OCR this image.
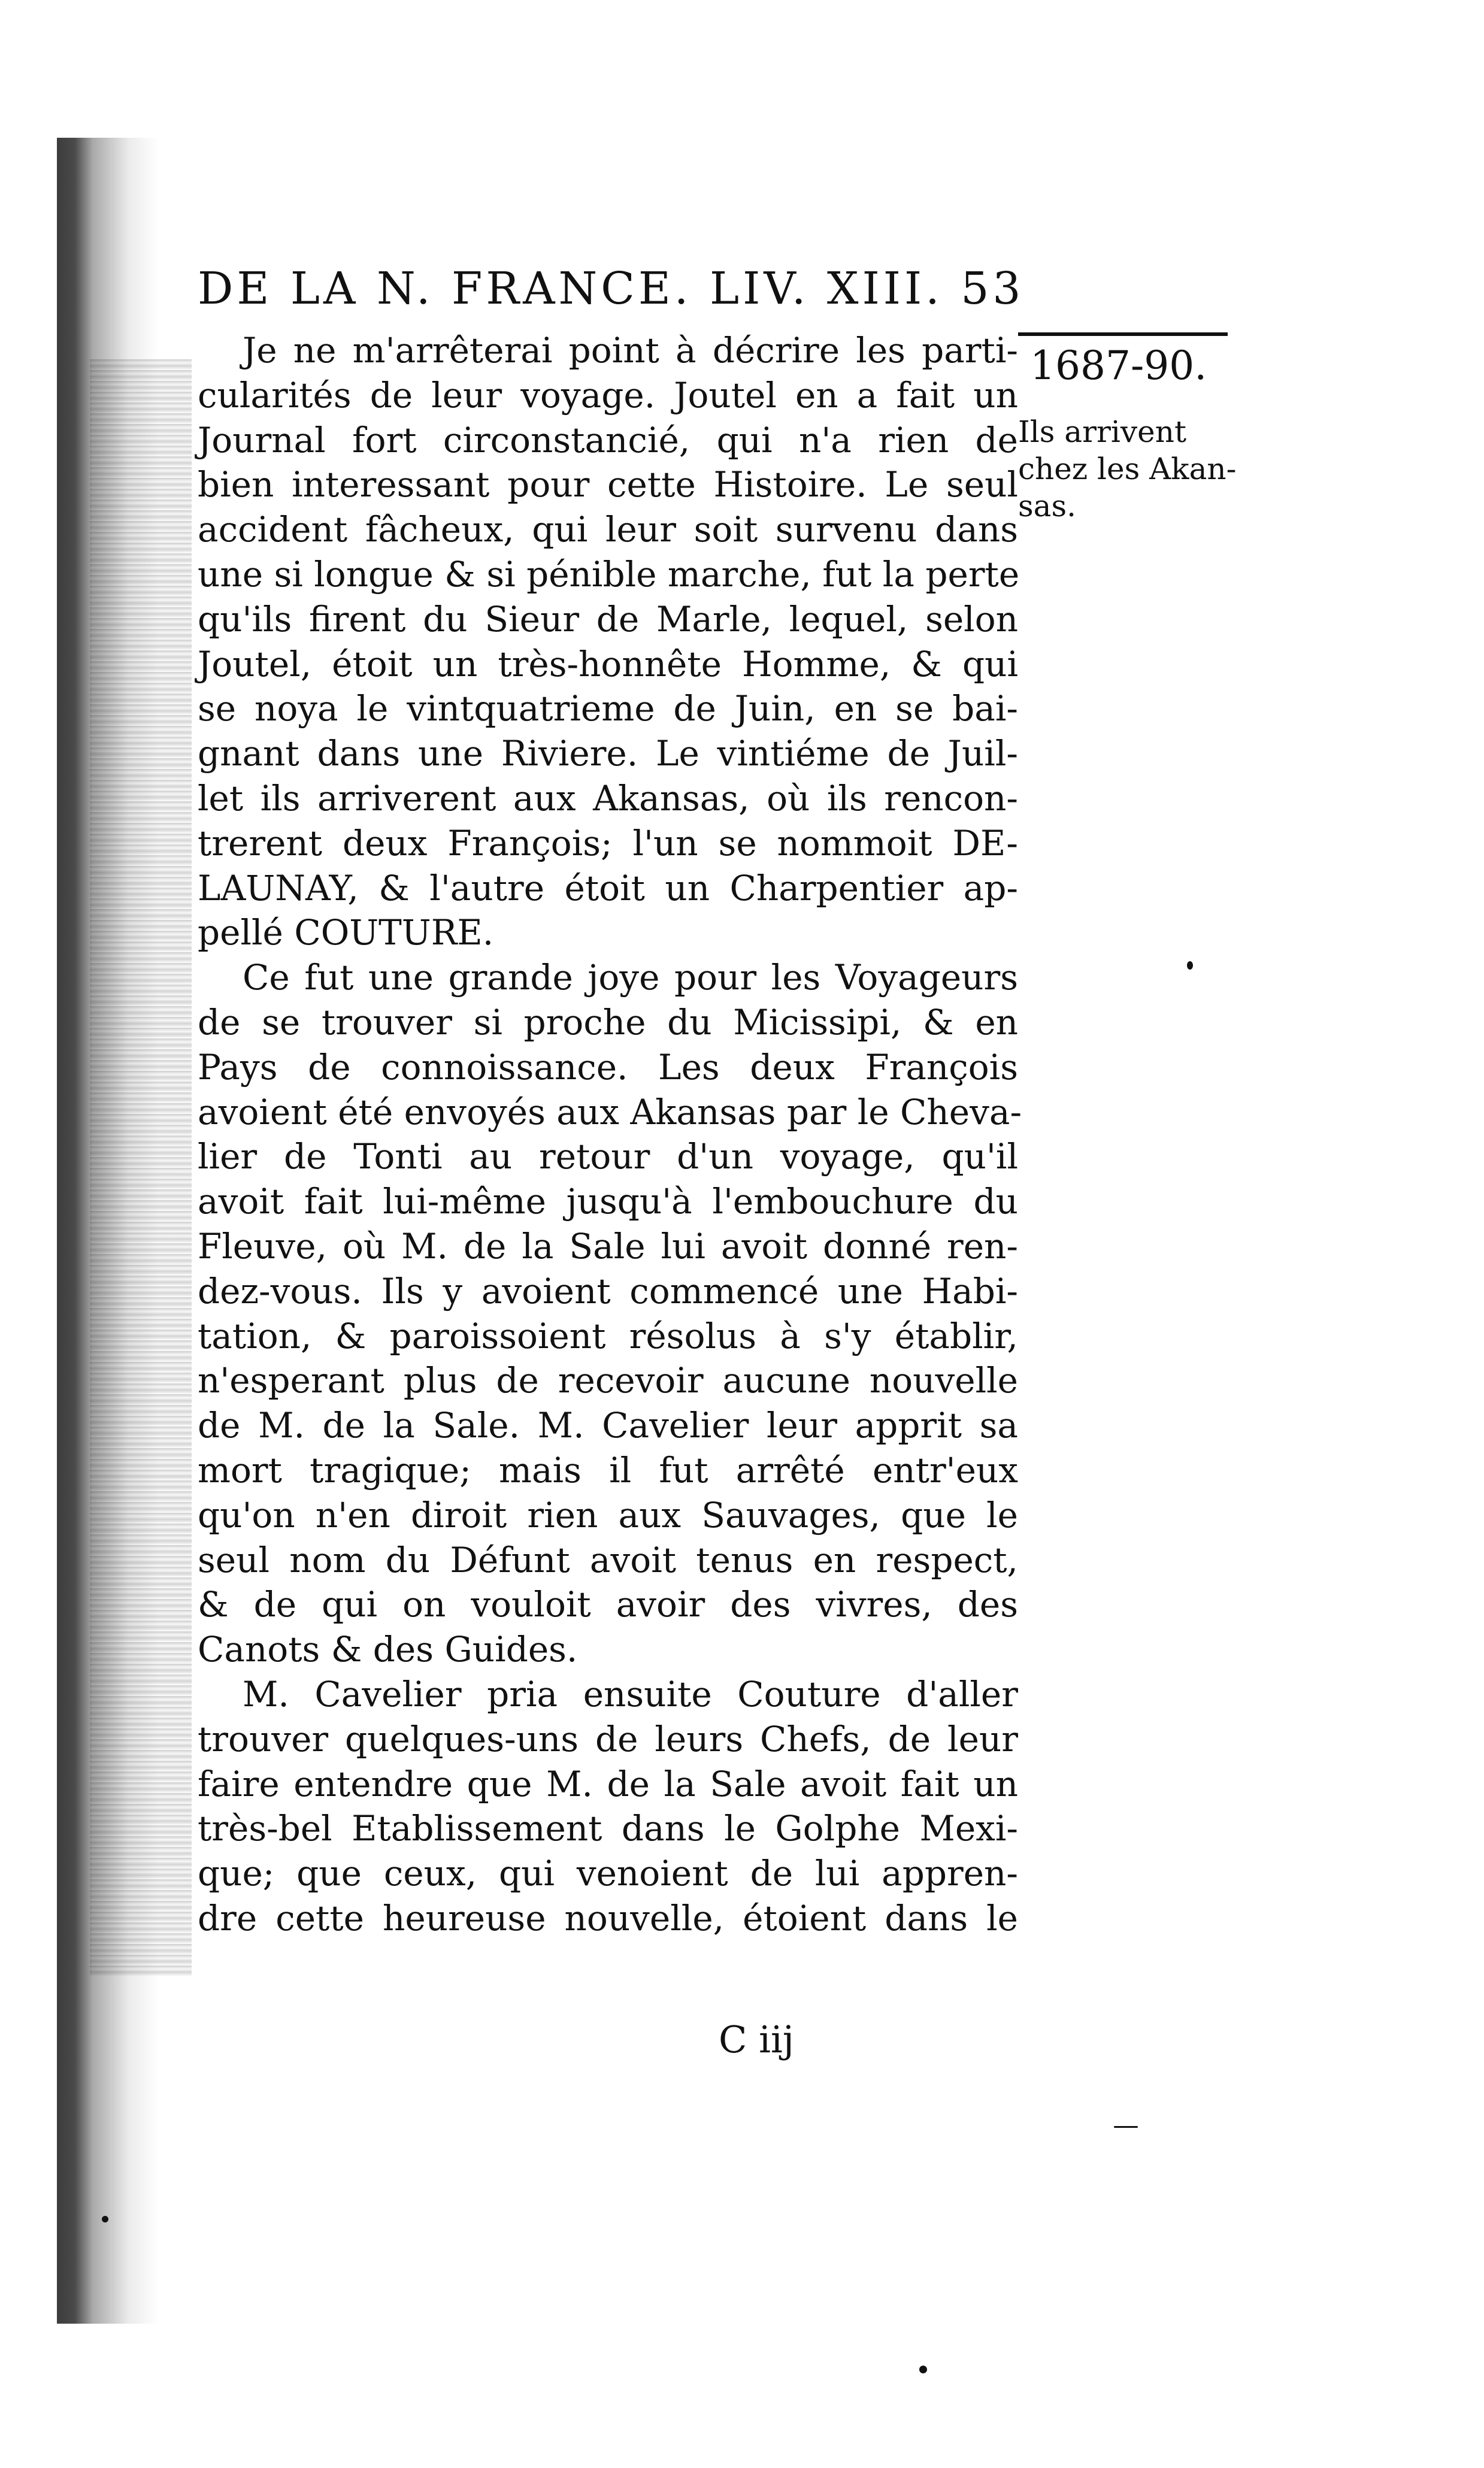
DE LA N. FRANCE. LIV. XIII. 53
1687-90.
Ils arrivent
chez les Akan-
sas.
Je ne m'arrêterai point à décrire les parti-
cularités de leur voyage. Joutel en a fait un
Journal fort circonstancié, qui n'a rien de
bien interessant pour cette Histoire. Le seul
accident fâcheux, qui leur soit survenu dans
une si longue & si pénible marche, fut la perte
qu'ils firent du Sieur de Marle, lequel, selon
Joutel, étoit un très-honnête Homme, & qui
se noya le vintquatrieme de Juin, en se bai-
gnant dans une Riviere. Le vintiéme de Juil-
let ils arriverent aux Akansas, où ils rencon-
trerent deux François; l'un se nommoit DE-
LAUNAY, & l'autre étoit un Charpentier ap-
pellé COUTURE.
Ce fut une grande joye pour les Voyageurs
de se trouver si proche du Micissipi, & en
Pays de connoissance. Les deux François
avoient été envoyés aux Akansas par le Cheva-
lier de Tonti au retour d'un voyage, qu'il
avoit fait lui-même jusqu'à l'embouchure du
Fleuve, où M. de la Sale lui avoit donné ren-
dez-vous. Ils y avoient commencé une Habi-
tation, & paroissoient résolus à s'y établir,
n'esperant plus de recevoir aucune nouvelle
de M. de la Sale. M. Cavelier leur apprit sa
mort tragique; mais il fut arrêté entr'eux
qu'on n'en diroit rien aux Sauvages, que le
seul nom du Défunt avoit tenus en respect,
& de qui on vouloit avoir des vivres, des
Canots & des Guides.
M. Cavelier pria ensuite Couture d'aller
trouver quelques-uns de leurs Chefs, de leur
faire entendre que M. de la Sale avoit fait un
très-bel Etablissement dans le Golphe Mexi-
que; que ceux, qui venoient de lui appren-
dre cette heureuse nouvelle, étoient dans le
C iij
